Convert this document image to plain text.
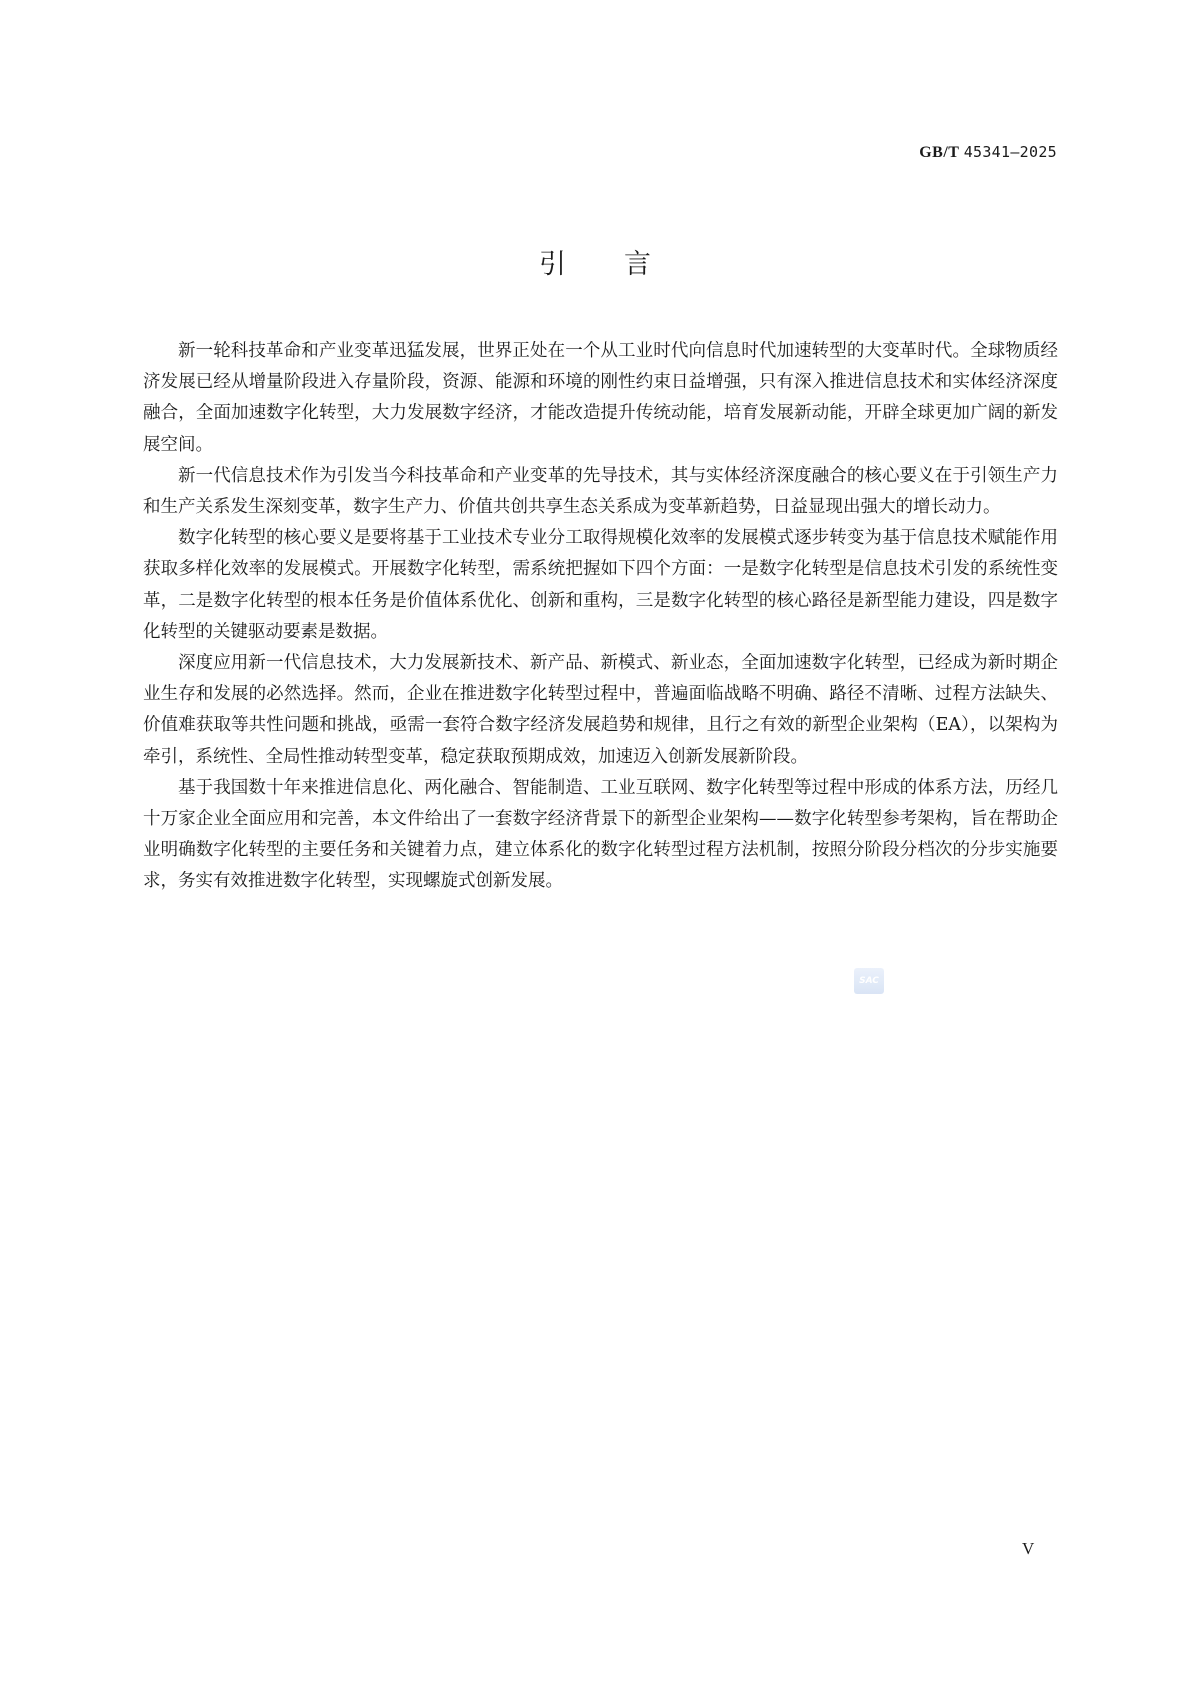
GB/T 45341—2025
引言

新一轮科技革命和产业变革迅猛发展，世界正处在一个从工业时代向信息时代加速转型的大变革时代。全球物质经济发展已经从增量阶段进入存量阶段，资源、能源和环境的刚性约束日益增强，只有深入推进信息技术和实体经济深度融合，全面加速数字化转型，大力发展数字经济，才能改造提升传统动能，培育发展新动能，开辟全球更加广阔的新发展空间。

新一代信息技术作为引发当今科技革命和产业变革的先导技术，其与实体经济深度融合的核心要义在于引领生产力和生产关系发生深刻变革，数字生产力、价值共创共享生态关系成为变革新趋势，日益显现出强大的增长动力。

数字化转型的核心要义是要将基于工业技术专业分工取得规模化效率的发展模式逐步转变为基于信息技术赋能作用获取多样化效率的发展模式。开展数字化转型，需系统把握如下四个方面：一是数字化转型是信息技术引发的系统性变革，二是数字化转型的根本任务是价值体系优化、创新和重构，三是数字化转型的核心路径是新型能力建设，四是数字化转型的关键驱动要素是数据。

深度应用新一代信息技术，大力发展新技术、新产品、新模式、新业态，全面加速数字化转型，已经成为新时期企业生存和发展的必然选择。然而，企业在推进数字化转型过程中，普遍面临战略不明确、路径不清晰、过程方法缺失、价值难获取等共性问题和挑战，亟需一套符合数字经济发展趋势和规律，且行之有效的新型企业架构（EA），以架构为牵引，系统性、全局性推动转型变革，稳定获取预期成效，加速迈入创新发展新阶段。

基于我国数十年来推进信息化、两化融合、智能制造、工业互联网、数字化转型等过程中形成的体系方法，历经几十万家企业全面应用和完善，本文件给出了一套数字经济背景下的新型企业架构——数字化转型参考架构，旨在帮助企业明确数字化转型的主要任务和关键着力点，建立体系化的数字化转型过程方法机制，按照分阶段分档次的分步实施要求，务实有效推进数字化转型，实现螺旋式创新发展。

SAC
V
